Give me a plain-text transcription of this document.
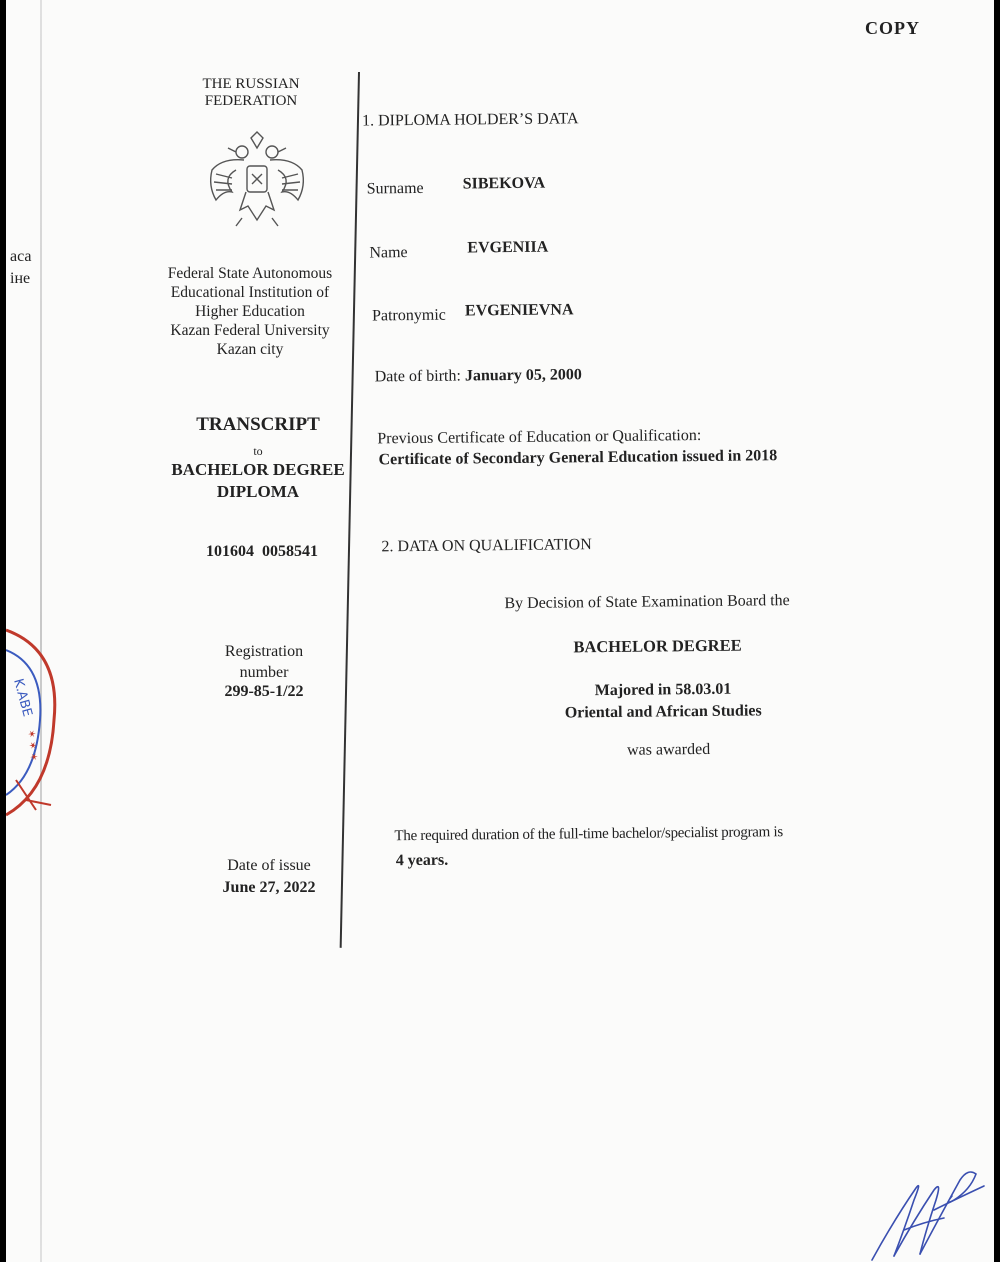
COPY
аса
іне
K.ABE
✶ ✶ ✶
THE RUSSIAN
FEDERATION
Federal State Autonomous
Educational Institution of
Higher Education
Kazan Federal University
Kazan city
TRANSCRIPT
to
BACHELOR DEGREE
DIPLOMA
101604  0058541
Registration
number
299-85-1/22
Date of issue
June 27, 2022
1. DIPLOMA HOLDER’S DATA
Surname SIBEKOVA
Name	EVGENIIA
Patronymic EVGENIEVNA
Date of birth: January 05, 2000
Previous Certificate of Education or Qualification:
Certificate of Secondary General Education issued in 2018
2. DATA ON QUALIFICATION
By Decision of State Examination Board the
BACHELOR DEGREE
Majored in 58.03.01
Oriental and African Studies
was awarded
The required duration of the full-time bachelor/specialist program is
4 years.
